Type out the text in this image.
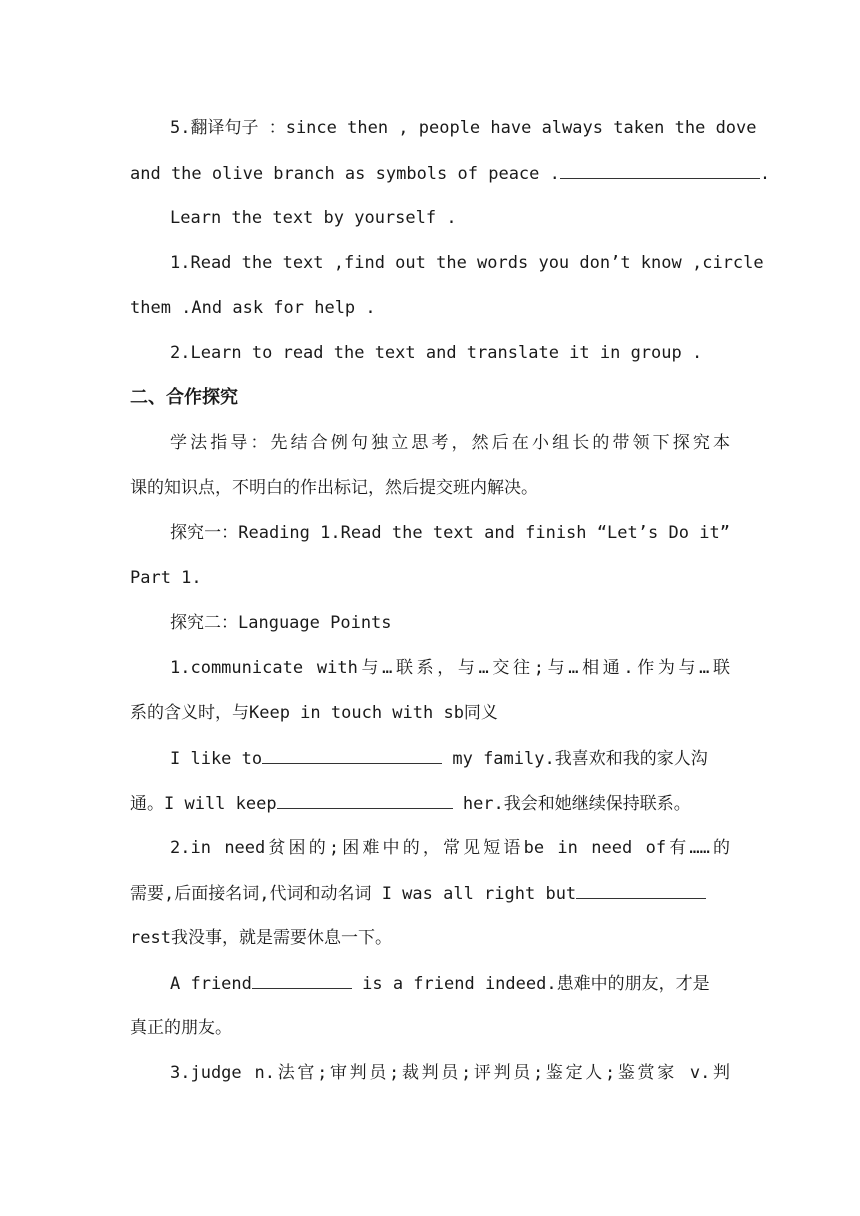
5.翻译句子 ：since then , people have always taken the dove
and the olive branch as symbols of peace .	.
Learn the text by yourself .
1.Read the text ,find out the words you don’t know ,circle
them .And ask for help .
2.Learn to read the text and translate it in group .
二、合作探究
学法指导：先结合例句独立思考，然后在小组长的带领下探究本
课的知识点，不明白的作出标记，然后提交班内解决。
探究一：Reading 1.Read the text and finish “Let’s Do it”
Part 1.
探究二：Language Points
1.communicate with与…联系，与…交往;与…相通.作为与…联
系的含义时，与Keep in touch with sb同义
I like to	my family.我喜欢和我的家人沟
通。I will keep	her.我会和她继续保持联系。
2.in need贫困的;困难中的，常见短语be in need of有……的
需要,后面接名词,代词和动名词 I was all right but
rest我没事，就是需要休息一下。
A friend	is a friend indeed.患难中的朋友，才是
真正的朋友。
3.judge n.法官;审判员;裁判员;评判员;鉴定人;鉴赏家 v.判
